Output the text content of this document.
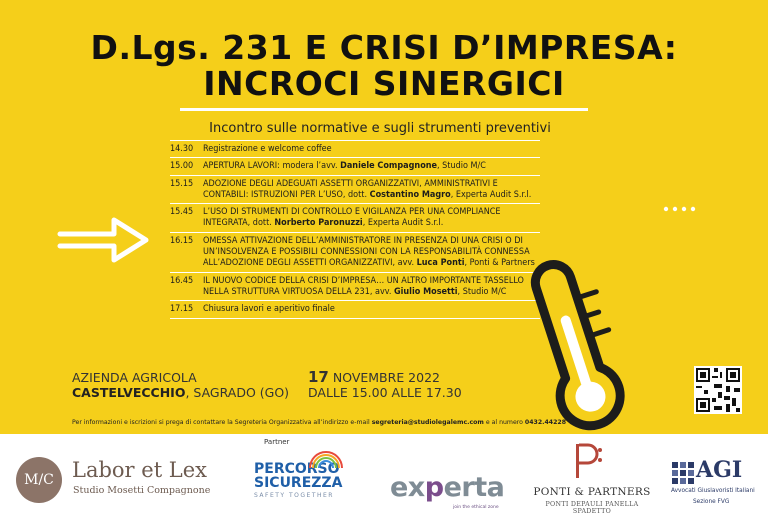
D.Lgs. 231 E CRISI D’IMPRESA:
INCROCI SINERGICI
Incontro sulle normative e sugli strumenti preventivi
14.30	Registrazione e welcome coffee
15.00	APERTURA LAVORI: modera l’avv. Daniele Compagnone, Studio M/C
15.15	ADOZIONE DEGLI ADEGUATI ASSETTI ORGANIZZATIVI, AMMINISTRATIVI E CONTABILI: ISTRUZIONI PER L’USO, dott. Costantino Magro, Experta Audit S.r.l.
15.45	L’USO DI STRUMENTI DI CONTROLLO E VIGILANZA PER UNA COMPLIANCE INTEGRATA, dott. Norberto Paronuzzi, Experta Audit S.r.l.
16.15	OMESSA ATTIVAZIONE DELL’AMMINISTRATORE IN PRESENZA DI UNA CRISI O DI UN’INSOLVENZA E POSSIBILI CONNESSIONI CON LA RESPONSABILITÀ CONNESSA ALL’ADOZIONE DEGLI ASSETTI ORGANIZZATIVI, avv. Luca Ponti, Ponti & Partners
16.45	IL NUOVO CODICE DELLA CRISI D’IMPRESA… UN ALTRO IMPORTANTE TASSELLO NELLA STRUTTURA VIRTUOSA DELLA 231, avv. Giulio Mosetti, Studio M/C
17.15	Chiusura lavori e aperitivo finale
AZIENDA AGRICOLA
CASTELVECCHIO, SAGRADO (GO)
17 NOVEMBRE 2022
DALLE 15.00 ALLE 17.30
Per informazioni e iscrizioni si prega di contattare la Segreteria Organizzativa all’indirizzo e-mail segreteria@studiolegalemc.com e al numero 0432.44228
Partner
M/C Labor et Lex
Studio Mosetti Compagnone
PERCORSO
SICUREZZA
SAFETY TOGETHER	experta
join the ethical zone
PONTI & PARTNERS
PONTI DEPAULI PANELLA SPADETTO
AGI
Avvocati Giuslavoristi Italiani
Sezione FVG
